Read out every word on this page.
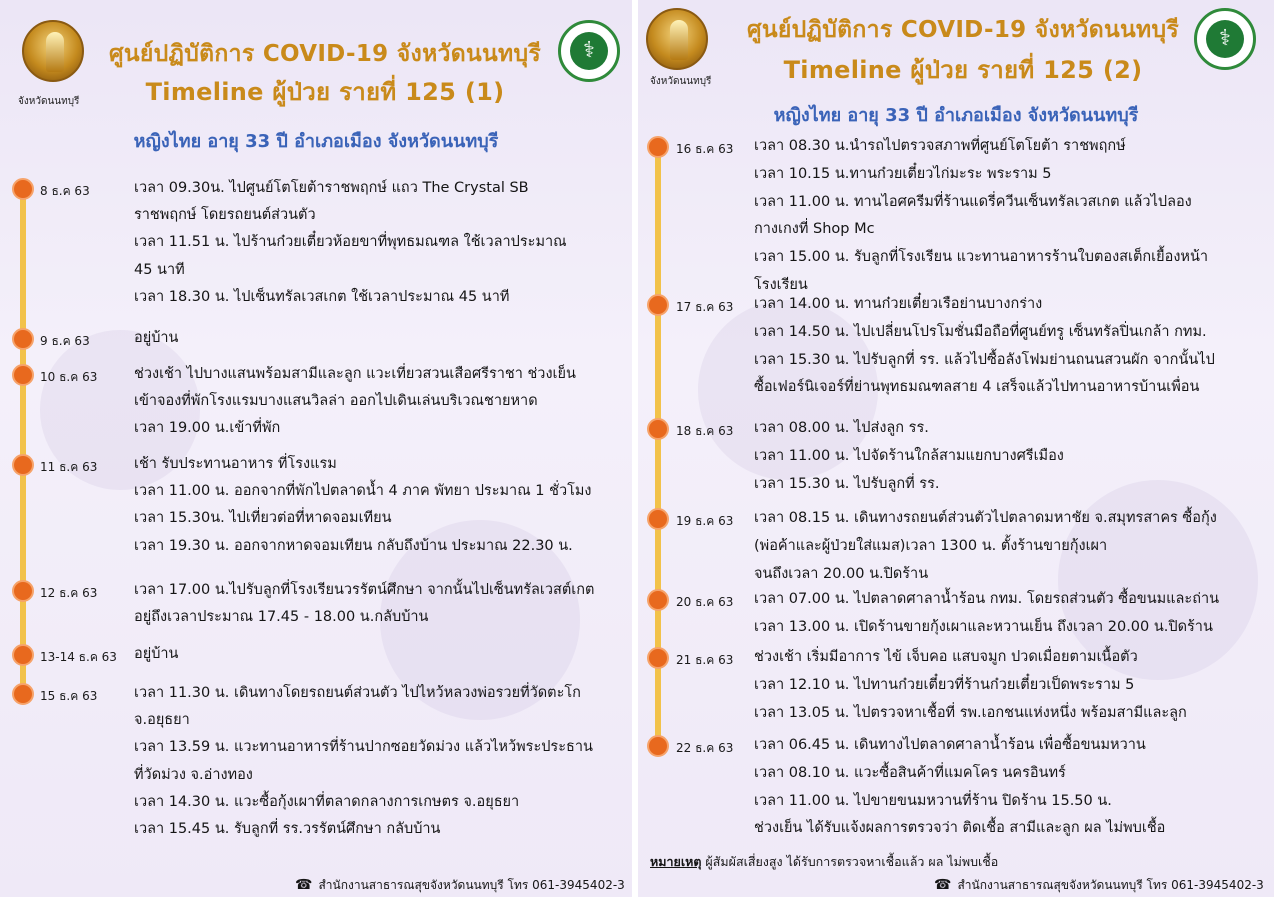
จังหวัดนนทบุรี
⚕
ศูนย์ปฏิบัติการ COVID-19 จังหวัดนนทบุรี
Timeline ผู้ป่วย รายที่ 125 (1)
หญิงไทย อายุ 33 ปี อำเภอเมือง จังหวัดนนทบุรี
8 ธ.ค 63	เวลา 09.30น. ไปศูนย์โตโยต้าราชพฤกษ์ แถว The Crystal SB
ราชพฤกษ์ โดยรถยนต์ส่วนตัว
เวลา 11.51 น. ไปร้านก๋วยเตี๋ยวห้อยขาที่พุทธมณฑล ใช้เวลาประมาณ
45 นาที
เวลา 18.30 น. ไปเซ็นทรัลเวสเกต ใช้เวลาประมาณ 45 นาที
9 ธ.ค 63	อยู่บ้าน
10 ธ.ค 63	ช่วงเช้า ไปบางแสนพร้อมสามีและลูก แวะเที่ยวสวนเสือศรีราชา ช่วงเย็น
เข้าจองที่พักโรงแรมบางแสนวิลล่า ออกไปเดินเล่นบริเวณชายหาด
เวลา 19.00 น.เข้าที่พัก
11 ธ.ค 63	เช้า รับประทานอาหาร ที่โรงแรม
เวลา 11.00 น. ออกจากที่พักไปตลาดน้ำ 4 ภาค พัทยา ประมาณ 1 ชั่วโมง
เวลา 15.30น. ไปเที่ยวต่อที่หาดจอมเทียน
เวลา 19.30 น. ออกจากหาดจอมเทียน กลับถึงบ้าน ประมาณ 22.30 น.
12 ธ.ค 63	เวลา 17.00 น.ไปรับลูกที่โรงเรียนวรรัตน์ศึกษา จากนั้นไปเซ็นทรัลเวสต์เกต
อยู่ถึงเวลาประมาณ 17.45 - 18.00 น.กลับบ้าน
13-14 ธ.ค 63 อยู่บ้าน
15 ธ.ค 63	เวลา 11.30 น. เดินทางโดยรถยนต์ส่วนตัว ไปไหว้หลวงพ่อรวยที่วัดตะโก
จ.อยุธยา
เวลา 13.59 น. แวะทานอาหารที่ร้านปากซอยวัดม่วง แล้วไหว้พระประธาน
ที่วัดม่วง จ.อ่างทอง
เวลา 14.30 น. แวะซื้อกุ้งเผาที่ตลาดกลางการเกษตร จ.อยุธยา
เวลา 15.45 น. รับลูกที่ รร.วรรัตน์ศึกษา กลับบ้าน
☎ สำนักงานสาธารณสุขจังหวัดนนทบุรี โทร 061-3945402-3
จังหวัดนนทบุรี
⚕
ศูนย์ปฏิบัติการ COVID-19 จังหวัดนนทบุรี
Timeline ผู้ป่วย รายที่ 125 (2)
หญิงไทย อายุ 33 ปี อำเภอเมือง จังหวัดนนทบุรี
16 ธ.ค 63 เวลา 08.30 น.นำรถไปตรวจสภาพที่ศูนย์โตโยต้า ราชพฤกษ์
เวลา 10.15 น.ทานก๋วยเตี๋ยวไก่มะระ พระราม 5
เวลา 11.00 น. ทานไอศครีมที่ร้านแดรี่ควีนเซ็นทรัลเวสเกต แล้วไปลอง
กางเกงที่ Shop Mc
เวลา 15.00 น. รับลูกที่โรงเรียน แวะทานอาหารร้านใบตองสเต็กเยื้องหน้า
โรงเรียน
17 ธ.ค 63 เวลา 14.00 น. ทานก๋วยเตี๋ยวเรือย่านบางกร่าง
เวลา 14.50 น. ไปเปลี่ยนโปรโมชั่นมือถือที่ศูนย์ทรู เซ็นทรัลปิ่นเกล้า กทม.
เวลา 15.30 น. ไปรับลูกที่ รร. แล้วไปซื้อลังโฟมย่านถนนสวนผัก จากนั้นไป
ซื้อเฟอร์นิเจอร์ที่ย่านพุทธมณฑลสาย 4 เสร็จแล้วไปทานอาหารบ้านเพื่อน
18 ธ.ค 63 เวลา 08.00 น. ไปส่งลูก รร.
เวลา 11.00 น. ไปจัดร้านใกล้สามแยกบางศรีเมือง
เวลา 15.30 น. ไปรับลูกที่ รร.
19 ธ.ค 63 เวลา 08.15 น. เดินทางรถยนต์ส่วนตัวไปตลาดมหาชัย จ.สมุทรสาคร ซื้อกุ้ง
(พ่อค้าและผู้ป่วยใส่แมส)เวลา 1300 น. ตั้งร้านขายกุ้งเผา
จนถึงเวลา 20.00 น.ปิดร้าน
20 ธ.ค 63 เวลา 07.00 น. ไปตลาดศาลาน้ำร้อน กทม. โดยรถส่วนตัว ซื้อขนมและถ่าน
เวลา 13.00 น. เปิดร้านขายกุ้งเผาและหวานเย็น ถึงเวลา 20.00 น.ปิดร้าน
21 ธ.ค 63 ช่วงเช้า เริ่มมีอาการ ไข้ เจ็บคอ แสบจมูก ปวดเมื่อยตามเนื้อตัว
เวลา 12.10 น. ไปทานก๋วยเตี๋ยวที่ร้านก๋วยเตี๋ยวเป็ดพระราม 5
เวลา 13.05 น. ไปตรวจหาเชื้อที่ รพ.เอกชนแห่งหนึ่ง พร้อมสามีและลูก
22 ธ.ค 63 เวลา 06.45 น. เดินทางไปตลาดศาลาน้ำร้อน เพื่อซื้อขนมหวาน
เวลา 08.10 น. แวะซื้อสินค้าที่แมคโคร นครอินทร์
เวลา 11.00 น. ไปขายขนมหวานที่ร้าน ปิดร้าน 15.50 น.
ช่วงเย็น ได้รับแจ้งผลการตรวจว่า ติดเชื้อ สามีและลูก ผล ไม่พบเชื้อ
หมายเหตุ ผู้สัมผัสเสี่ยงสูง ได้รับการตรวจหาเชื้อแล้ว ผล ไม่พบเชื้อ
☎ สำนักงานสาธารณสุขจังหวัดนนทบุรี โทร 061-3945402-3
